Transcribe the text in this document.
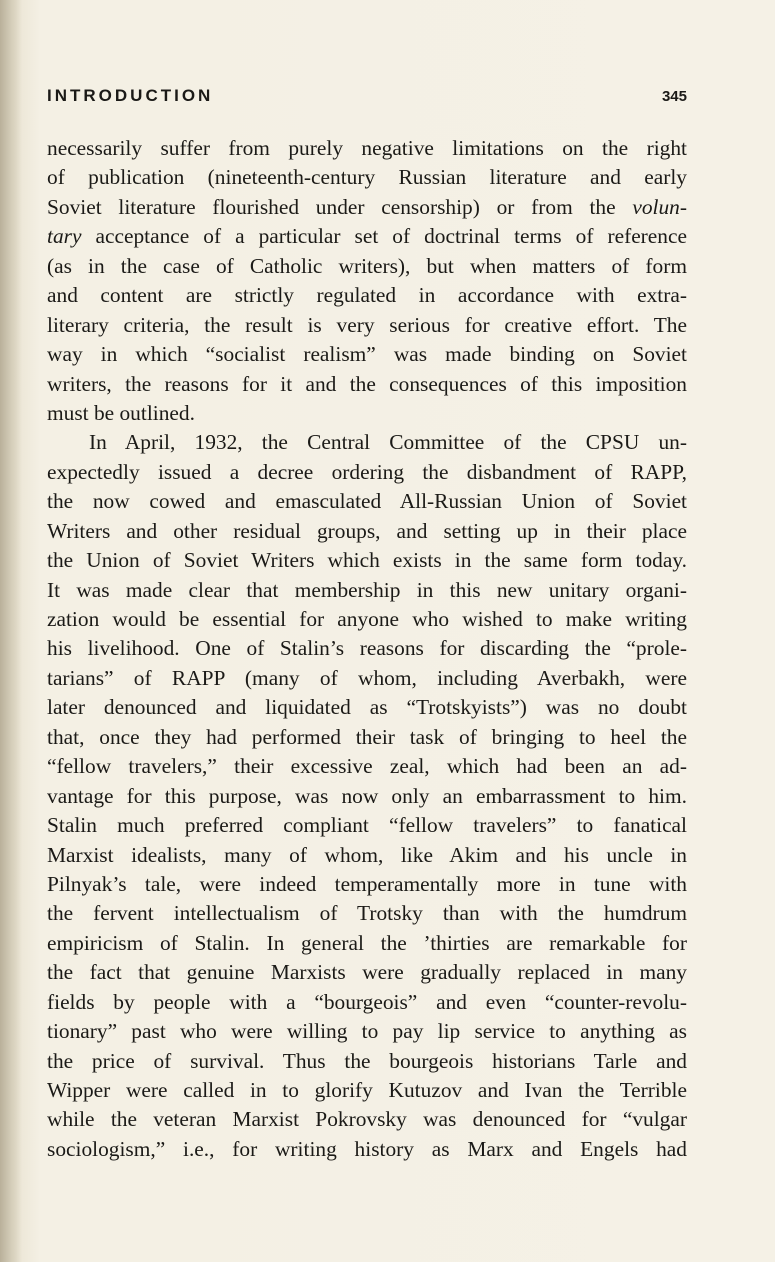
INTRODUCTION	345
necessarily suffer from purely negative limitations on the right
of publication (nineteenth-century Russian literature and early
Soviet literature flourished under censorship) or from the volun-
tary acceptance of a particular set of doctrinal terms of reference
(as in the case of Catholic writers), but when matters of form
and content are strictly regulated in accordance with extra-
literary criteria, the result is very serious for creative effort. The
way in which “socialist realism” was made binding on Soviet
writers, the reasons for it and the consequences of this imposition
must be outlined.
In April, 1932, the Central Committee of the CPSU un-
expectedly issued a decree ordering the disbandment of RAPP,
the now cowed and emasculated All-Russian Union of Soviet
Writers and other residual groups, and setting up in their place
the Union of Soviet Writers which exists in the same form today.
It was made clear that membership in this new unitary organi-
zation would be essential for anyone who wished to make writing
his livelihood. One of Stalin’s reasons for discarding the “prole-
tarians” of RAPP (many of whom, including Averbakh, were
later denounced and liquidated as “Trotskyists”) was no doubt
that, once they had performed their task of bringing to heel the
“fellow travelers,” their excessive zeal, which had been an ad-
vantage for this purpose, was now only an embarrassment to him.
Stalin much preferred compliant “fellow travelers” to fanatical
Marxist idealists, many of whom, like Akim and his uncle in
Pilnyak’s tale, were indeed temperamentally more in tune with
the fervent intellectualism of Trotsky than with the humdrum
empiricism of Stalin. In general the ’thirties are remarkable for
the fact that genuine Marxists were gradually replaced in many
fields by people with a “bourgeois” and even “counter-revolu-
tionary” past who were willing to pay lip service to anything as
the price of survival. Thus the bourgeois historians Tarle and
Wipper were called in to glorify Kutuzov and Ivan the Terrible
while the veteran Marxist Pokrovsky was denounced for “vulgar
sociologism,” i.e., for writing history as Marx and Engels had
